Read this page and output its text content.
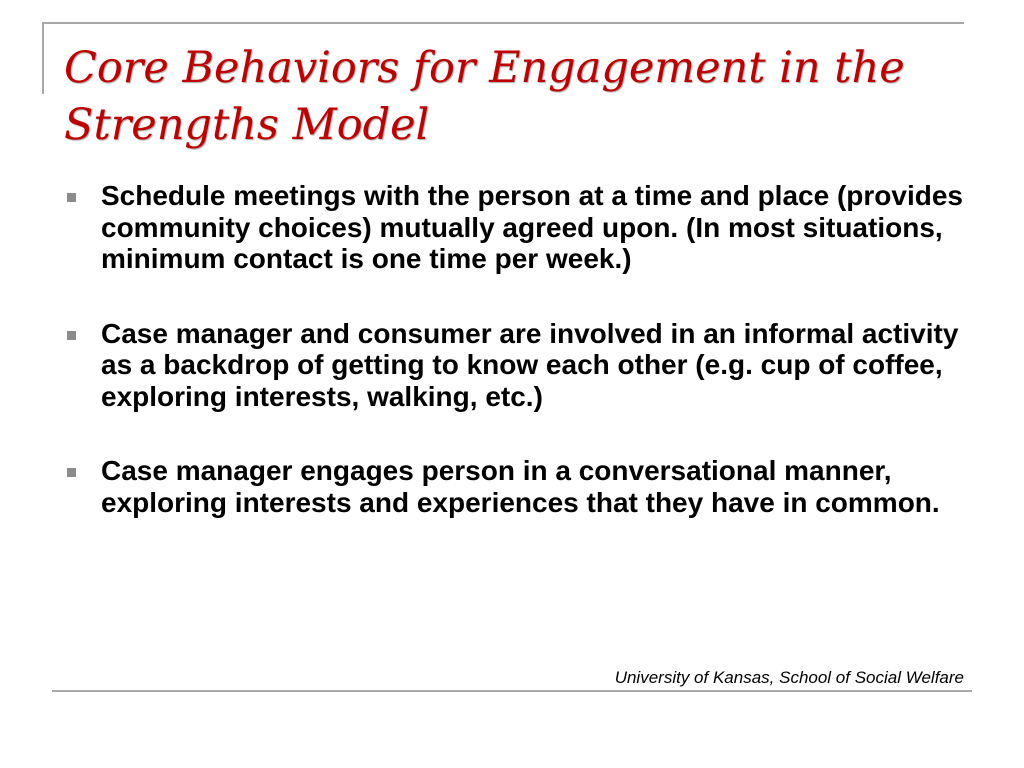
Core Behaviors for Engagement in the Strengths Model
Schedule meetings with the person at a time and place (provides community choices) mutually agreed upon. (In most situations, minimum contact is one time per week.)
Case manager and consumer are involved in an informal activity as a backdrop of getting to know each other (e.g. cup of coffee, exploring interests, walking, etc.)
Case manager engages person in a conversational manner, exploring interests and experiences that they have in common.

University of Kansas, School of Social Welfare
